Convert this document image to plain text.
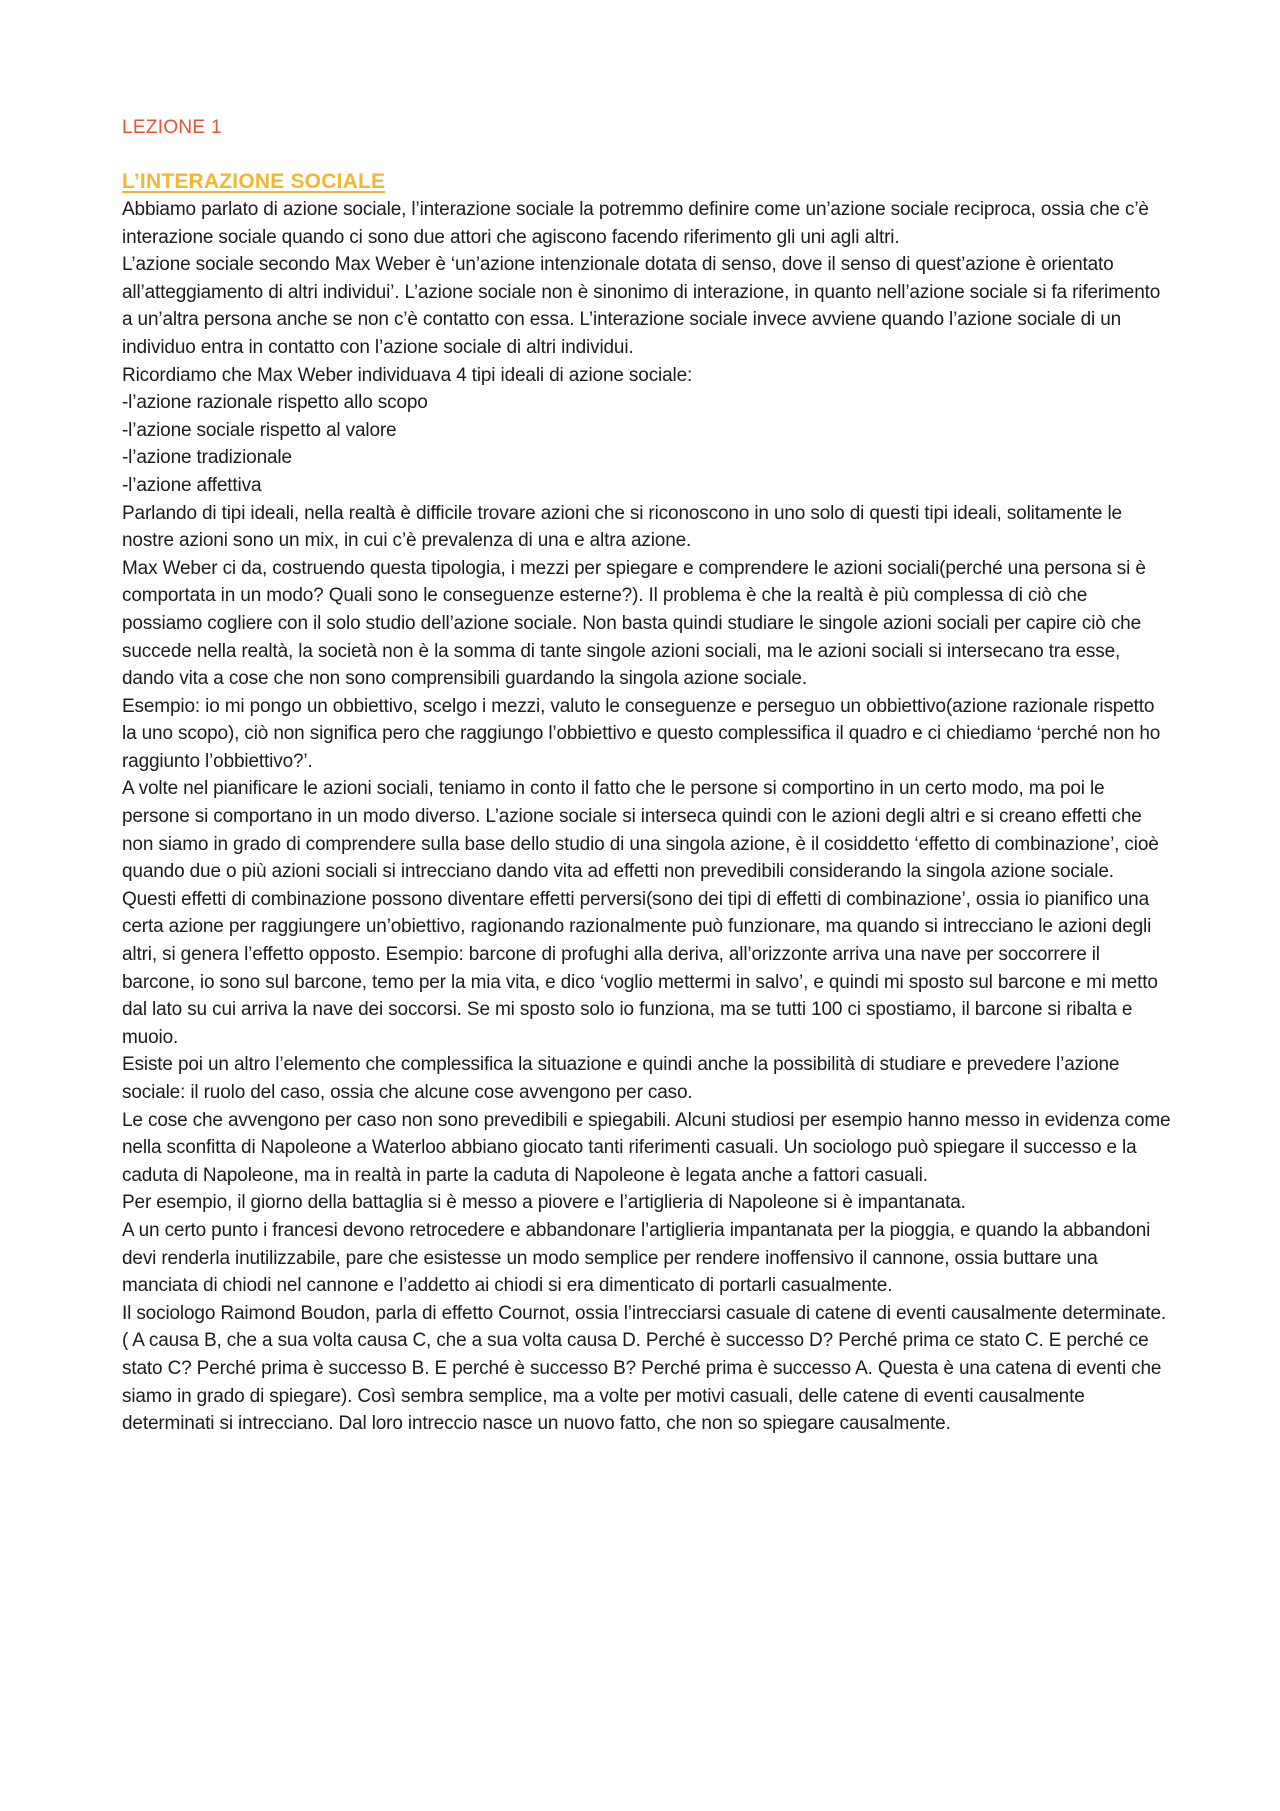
LEZIONE 1
L’INTERAZIONE SOCIALE

Abbiamo parlato di azione sociale, l’interazione sociale la potremmo definire come un’azione sociale reciproca, ossia che c’è interazione sociale quando ci sono due attori che agiscono facendo riferimento gli uni agli altri.

L’azione sociale secondo Max Weber è ‘un’azione intenzionale dotata di senso, dove il senso di quest’azione è orientato all’atteggiamento di altri individui’. L’azione sociale non è sinonimo di interazione, in quanto nell’azione sociale si fa riferimento a un’altra persona anche se non c’è contatto con essa. L’interazione sociale invece avviene quando l’azione sociale di un individuo entra in contatto con l’azione sociale di altri individui.

Ricordiamo che Max Weber individuava 4 tipi ideali di azione sociale:

-l’azione razionale rispetto allo scopo

-l’azione sociale rispetto al valore

-l’azione tradizionale

-l’azione affettiva

Parlando di tipi ideali, nella realtà è difficile trovare azioni che si riconoscono in uno solo di questi tipi ideali, solitamente le nostre azioni sono un mix, in cui c’è prevalenza di una e altra azione.

Max Weber ci da, costruendo questa tipologia, i mezzi per spiegare e comprendere le azioni sociali(perché una persona si è comportata in un modo? Quali sono le conseguenze esterne?). Il problema è che la realtà è più complessa di ciò che possiamo cogliere con il solo studio dell’azione sociale. Non basta quindi studiare le singole azioni sociali per capire ciò che succede nella realtà, la società non è la somma di tante singole azioni sociali, ma le azioni sociali si intersecano tra esse, dando vita a cose che non sono comprensibili guardando la singola azione sociale.

Esempio: io mi pongo un obbiettivo, scelgo i mezzi, valuto le conseguenze e perseguo un obbiettivo(azione razionale rispetto la uno scopo), ciò non significa pero che raggiungo l’obbiettivo e questo complessifica il quadro e ci chiediamo ‘perché non ho raggiunto l’obbiettivo?’.

A volte nel pianificare le azioni sociali, teniamo in conto il fatto che le persone si comportino in un certo modo, ma poi le persone si comportano in un modo diverso. L’azione sociale si interseca quindi con le azioni degli altri e si creano effetti che non siamo in grado di comprendere sulla base dello studio di una singola azione, è il cosiddetto ‘effetto di combinazione’, cioè quando due o più azioni sociali si intrecciano dando vita ad effetti non prevedibili considerando la singola azione sociale. Questi effetti di combinazione possono diventare effetti perversi(sono dei tipi di effetti di combinazione’, ossia io pianifico una certa azione per raggiungere un’obiettivo, ragionando razionalmente può funzionare, ma quando si intrecciano le azioni degli altri, si genera l’effetto opposto. Esempio: barcone di profughi alla deriva, all’orizzonte arriva una nave per soccorrere il barcone, io sono sul barcone, temo per la mia vita, e dico ‘voglio mettermi in salvo’, e quindi mi sposto sul barcone e mi metto dal lato su cui arriva la nave dei soccorsi. Se mi sposto solo io funziona, ma se tutti 100 ci spostiamo, il barcone si ribalta e muoio.

Esiste poi un altro l’elemento che complessifica la situazione e quindi anche la possibilità di studiare e prevedere l’azione sociale: il ruolo del caso, ossia che alcune cose avvengono per caso.

Le cose che avvengono per caso non sono prevedibili e spiegabili. Alcuni studiosi per esempio hanno messo in evidenza come nella sconfitta di Napoleone a Waterloo abbiano giocato tanti riferimenti casuali. Un sociologo può spiegare il successo e la caduta di Napoleone, ma in realtà in parte la caduta di Napoleone è legata anche a fattori casuali.

Per esempio, il giorno della battaglia si è messo a piovere e l’artiglieria di Napoleone si è impantanata.

A un certo punto i francesi devono retrocedere e abbandonare l’artiglieria impantanata per la pioggia, e quando la abbandoni devi renderla inutilizzabile, pare che esistesse un modo semplice per rendere inoffensivo il cannone, ossia buttare una manciata di chiodi nel cannone e l’addetto ai chiodi si era dimenticato di portarli casualmente.

Il sociologo Raimond Boudon, parla di effetto Cournot, ossia l’intrecciarsi casuale di catene di eventi causalmente determinate. ( A causa B, che a sua volta causa C, che a sua volta causa D. Perché è successo D? Perché prima ce stato C. E perché ce stato C? Perché prima è successo B. E perché è successo B? Perché prima è successo A. Questa è una catena di eventi che siamo in grado di spiegare). Così sembra semplice, ma a volte per motivi casuali, delle catene di eventi causalmente determinati si intrecciano. Dal loro intreccio nasce un nuovo fatto, che non so spiegare causalmente.
